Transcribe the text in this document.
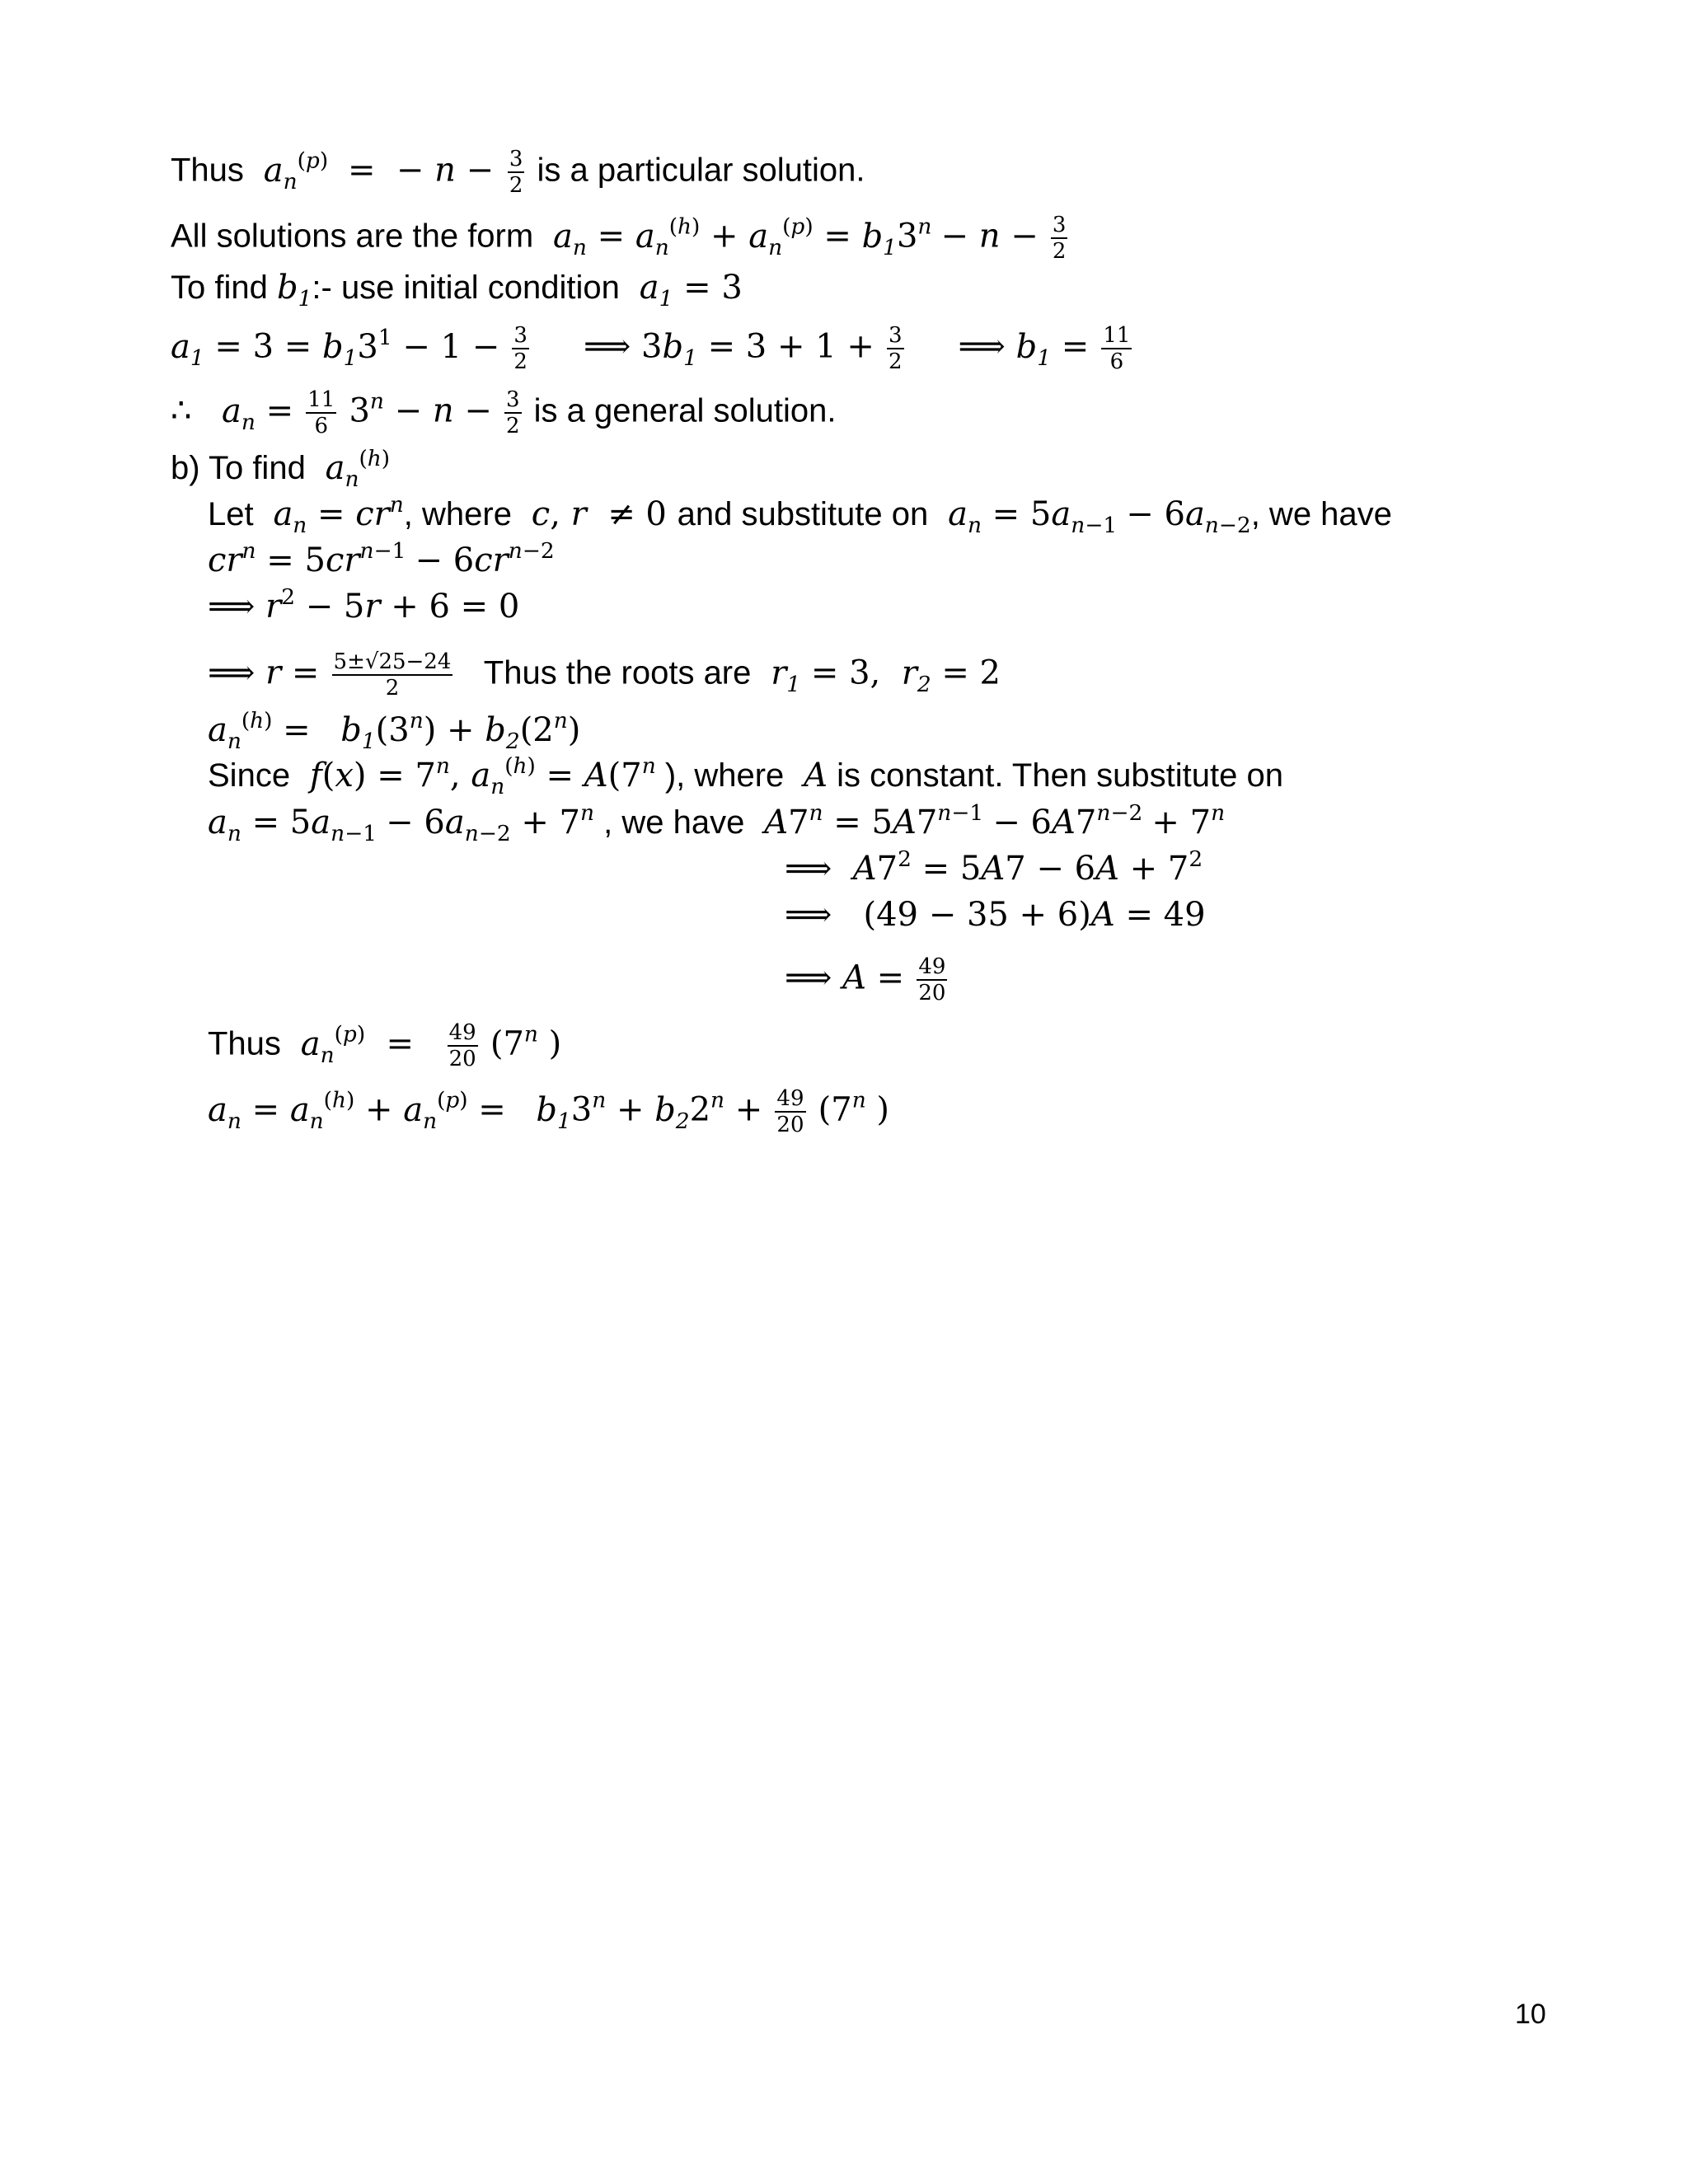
Thus  $a_n^{(p)}$  =  − $n - \frac{3}{2}$ is a particular solution.
All solutions are the form  $a_n = a_n^{(h)} + a_n^{(p)} = b_13^n - n - \frac{3}{2}$
To find $b_1:-$ use initial condition  $a_1 = 3$
$a_1 = 3 = b_13^1 - 1 - \frac{3}{2}$ ⟹ $3b_1 = 3 + 1 + \frac{3}{2}$ ⟹ $b_1 = \frac{11}{6}$
∴   $a_n = \frac{11}{6} 3^n - n - \frac{3}{2}$ is a general solution.
b) To find  $a_n^{(h)}$
Let  $a_n = cr^n$, where  c, r  ≠ 0 and substitute on  $a_n = 5a_{n-1} - 6a_{n-2}$, we have
$cr^n = 5cr^{n-1} - 6cr^{n-2}$
⟹ $r^2 - 5r + 6 = 0$
⟹ $r = \frac{5\pm√25-24}{2}$ Thus the roots are  $r_1 = 3$,  $r_2 = 2$
$a_n^{(h)} = b_1(3^n) + b_2(2^n)$
Since  $f(x) = 7^n$, $a_n^{(h)} = A(7^n$ ), where  A is constant. Then substitute on
$a_n = 5a_{n-1} - 6a_{n-2} + 7^n$ , we have  $A7^n = 5A7^{n-1} - 6A7^{n-2} + 7^n$
⟹  $A7^2 = 5A7 - 6A + 7^2$
⟹   (49 − 35 + 6)A = 49
⟹ $A = \frac{49}{20}$
Thus  $a_n^{(p)} = \frac{49}{20} (7^n$ )
$a_n = a_n^{(h)} + a_n^{(p)} = b_13^n + b_22^n + \frac{49}{20} (7^n$ )
10
